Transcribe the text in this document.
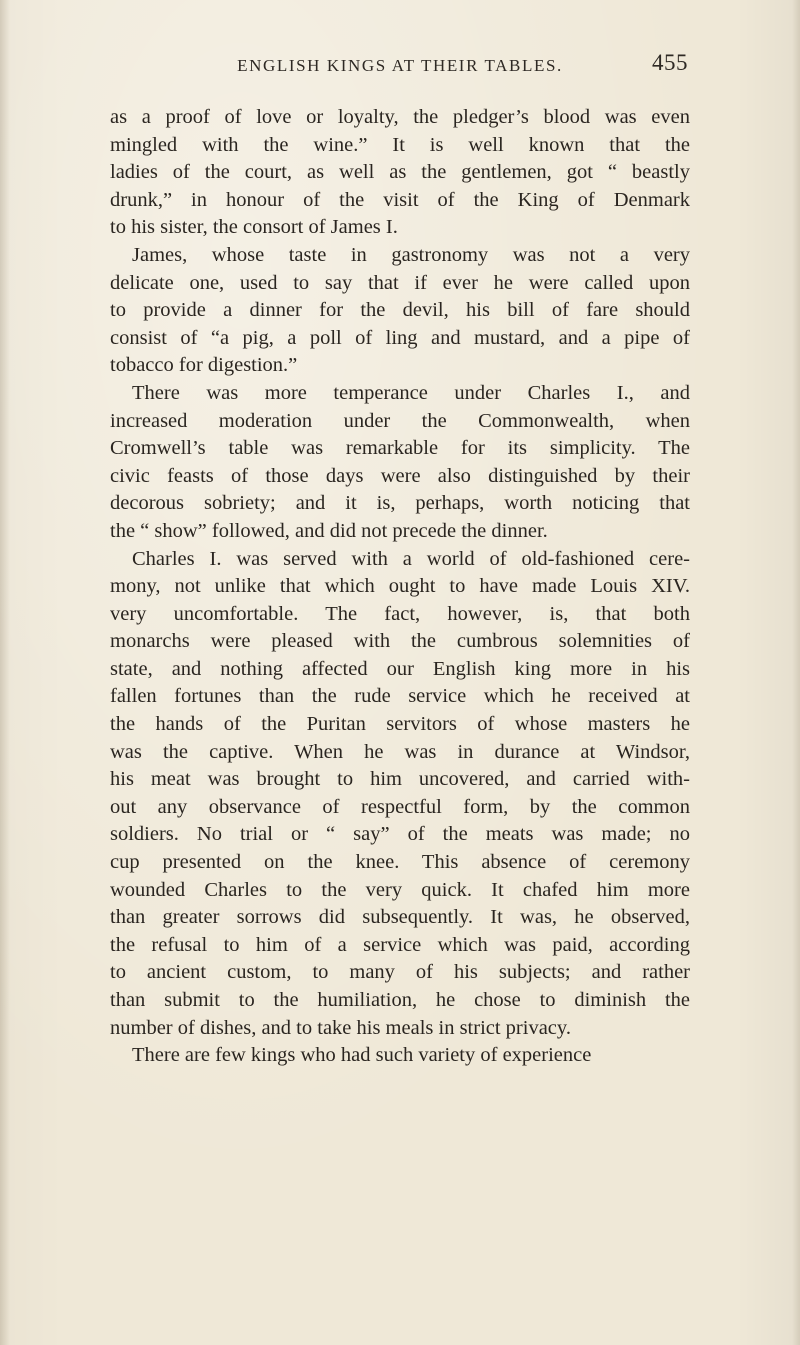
ENGLISH KINGS AT THEIR TABLES.	455
as a proof of love or loyalty, the pledger’s blood was even
mingled with the wine.” It is well known that the
ladies of the court, as well as the gentlemen, got “ beastly
drunk,” in honour of the visit of the King of Denmark
to his sister, the consort of James I.
James, whose taste in gastronomy was not a very
delicate one, used to say that if ever he were called upon
to provide a dinner for the devil, his bill of fare should
consist of “a pig, a poll of ling and mustard, and a pipe of
tobacco for digestion.”
There was more temperance under Charles I., and
increased moderation under the Commonwealth, when
Cromwell’s table was remarkable for its simplicity. The
civic feasts of those days were also distinguished by their
decorous sobriety; and it is, perhaps, worth noticing that
the “ show” followed, and did not precede the dinner.
Charles I. was served with a world of old-fashioned cere-
mony, not unlike that which ought to have made Louis XIV.
very uncomfortable. The fact, however, is, that both
monarchs were pleased with the cumbrous solemnities of
state, and nothing affected our English king more in his
fallen fortunes than the rude service which he received at
the hands of the Puritan servitors of whose masters he
was the captive. When he was in durance at Windsor,
his meat was brought to him uncovered, and carried with-
out any observance of respectful form, by the common
soldiers. No trial or “ say” of the meats was made; no
cup presented on the knee. This absence of ceremony
wounded Charles to the very quick. It chafed him more
than greater sorrows did subsequently. It was, he observed,
the refusal to him of a service which was paid, according
to ancient custom, to many of his subjects; and rather
than submit to the humiliation, he chose to diminish the
number of dishes, and to take his meals in strict privacy.
There are few kings who had such variety of experience
